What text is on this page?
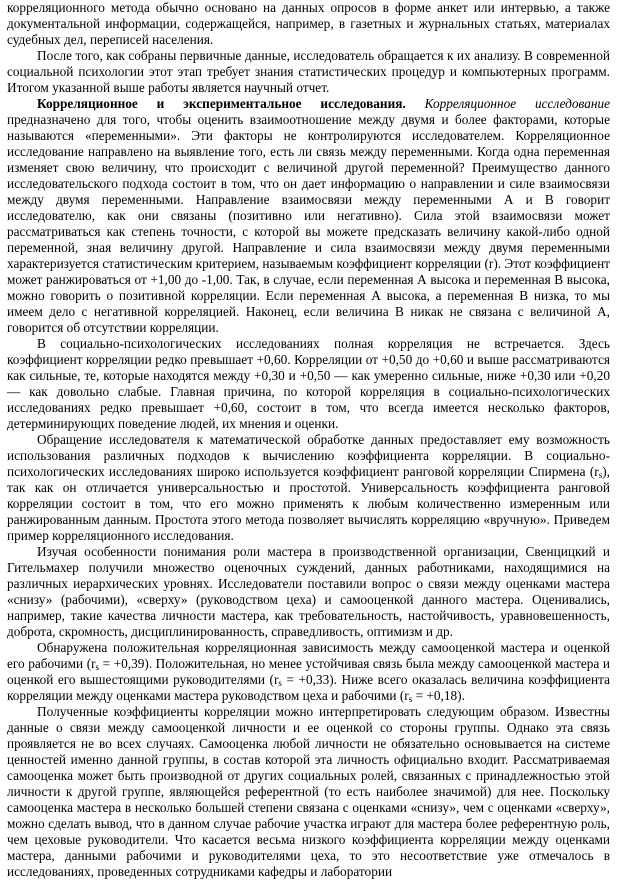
корреляционного метода обычно основано на данных опросов в форме анкет или интервью, а также документальной информации, содержащейся, например, в газетных и журнальных статьях, материалах судебных дел, переписей населения.

После того, как собраны первичные данные, исследователь обращается к их анализу. В современной социальной психологии этот этап требует знания статистических процедур и компьютерных программ. Итогом указанной выше работы является научный отчет.

Корреляционное и экспериментальное исследования. Корреляционное исследование предназначено для того, чтобы оценить взаимоотношение между двумя и более факторами, которые называются «переменными». Эти факторы не контролируются исследователем. Корреляционное исследование направлено на выявление того, есть ли связь между переменными. Когда одна переменная изменяет свою величину, что происходит с величиной другой переменной? Преимущество данного исследовательского подхода состоит в том, что он дает информацию о направлении и силе взаимосвязи между двумя переменными. Направление взаимосвязи между переменными А и В говорит исследователю, как они связаны (позитивно или негативно). Сила этой взаимосвязи может рассматриваться как степень точности, с которой вы можете предсказать величину какой-либо одной переменной, зная величину другой. Направление и сила взаимосвязи между двумя переменными характеризуется статистическим критерием, называемым коэффициент корреляции (r). Этот коэффициент может ранжироваться от +1,00 до -1,00. Так, в случае, если переменная А высока и переменная В высока, можно говорить о позитивной корреляции. Если переменная А высока, а переменная В низка, то мы имеем дело с негативной корреляцией. Наконец, если величина В никак не связана с величиной А, говорится об отсутствии корреляции.

В социально-психологических исследованиях полная корреляция не встречается. Здесь коэффициент корреляции редко превышает +0,60. Корреляции от +0,50 до +0,60 и выше рассматриваются как сильные, те, которые находятся между +0,30 и +0,50 — как умеренно сильные, ниже +0,30 или +0,20 — как довольно слабые. Главная причина, по которой корреляция в социально-психологических исследованиях редко превышает +0,60, состоит в том, что всегда имеется несколько факторов, детерминирующих поведение людей, их мнения и оценки.

Обращение исследователя к математической обработке данных предоставляет ему возможность использования различных подходов к вычислению коэффициента корреляции. В социально-психологических исследованиях широко используется коэффициент ранговой корреляции Спирмена $(r_s)$, так как он отличается универсальностью и простотой. Универсальность коэффициента ранговой корреляции состоит в том, что его можно применять к любым количественно измеренным или ранжированным данным. Простота этого метода позволяет вычислять корреляцию «вручную». Приведем пример корреляционного исследования.

Изучая особенности понимания роли мастера в производственной организации, Свенцицкий и Гительмахер получили множество оценочных суждений, данных работниками, находящимися на различных иерархических уровнях. Исследователи поставили вопрос о связи между оценками мастера «снизу» (рабочими), «сверху» (руководством цеха) и самооценкой данного мастера. Оценивались, например, такие качества личности мастера, как требовательность, настойчивость, уравновешенность, доброта, скромность, дисциплинированность, справедливость, оптимизм и др.

Обнаружена положительная корреляционная зависимость между самооценкой мастера и оценкой его рабочими $(r_s = +0,39)$. Положительная, но менее устойчивая связь была между самооценкой мастера и оценкой его вышестоящими руководителями $(r_s = +0,33)$. Ниже всего оказалась величина коэффициента корреляции между оценками мастера руководством цеха и рабочими $(r_s = +0,18)$.

Полученные коэффициенты корреляции можно интерпретировать следующим образом. Известны данные о связи между самооценкой личности и ее оценкой со стороны группы. Однако эта связь проявляется не во всех случаях. Самооценка любой личности не обязательно основывается на системе ценностей именно данной группы, в состав которой эта личность официально входит. Рассматриваемая самооценка может быть производной от других социальных ролей, связанных с принадлежностью этой личности к другой группе, являющейся референтной (то есть наиболее значимой) для нее. Поскольку самооценка мастера в несколько большей степени связана с оценками «снизу», чем с оценками «сверху», можно сделать вывод, что в данном случае рабочие участка играют для мастера более референтную роль, чем цеховые руководители. Что касается весьма низкого коэффициента корреляции между оценками мастера, данными рабочими и руководителями цеха, то это несоответствие уже отмечалось в исследованиях, проведенных сотрудниками кафедры и лаборатории
